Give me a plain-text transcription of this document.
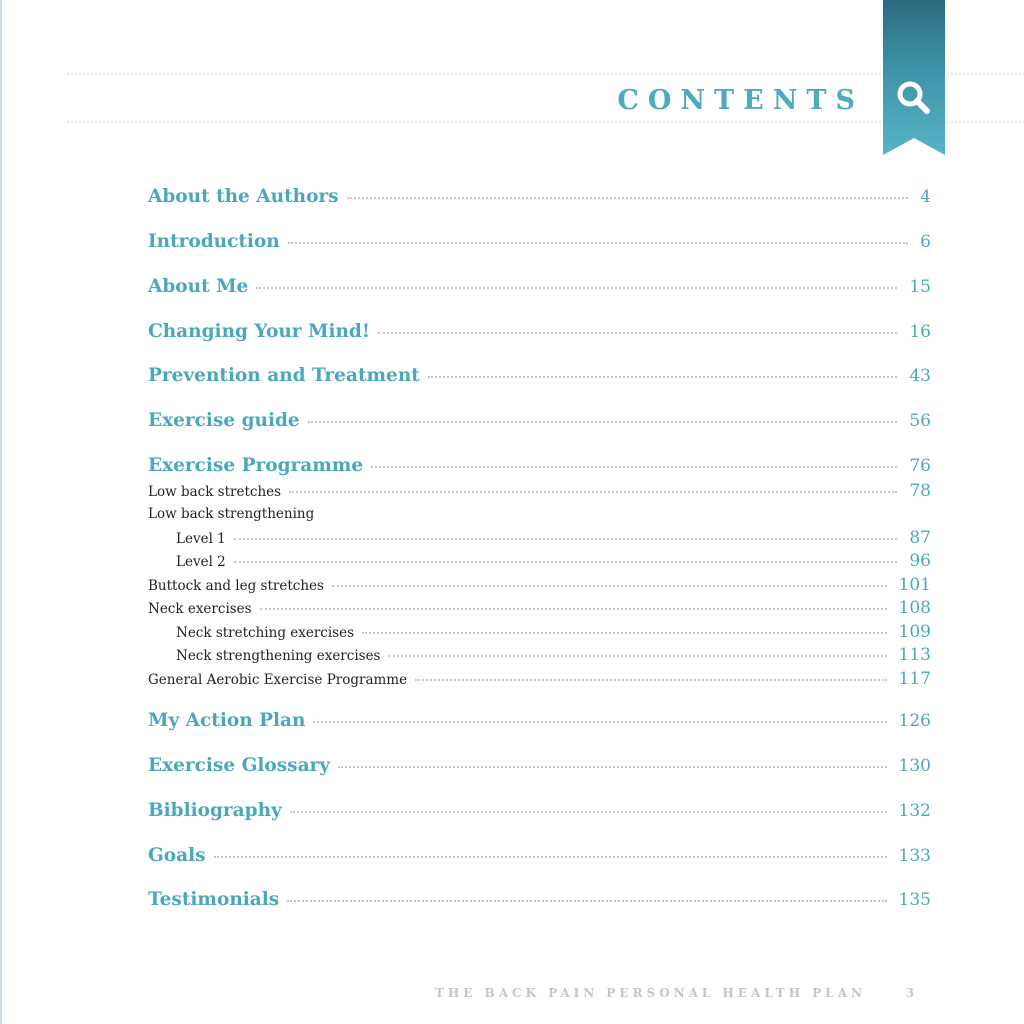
CONTENTS
About the Authors	4
Introduction	6
About Me	15
Changing Your Mind!	16
Prevention and Treatment	43
Exercise guide	56
Exercise Programme	76
Low back stretches	78
Low back strengthening
Level 1	87
Level 2	96
Buttock and leg stretches	101
Neck exercises	108
Neck stretching exercises	109
Neck strengthening exercises	113
General Aerobic Exercise Programme	117
My Action Plan	126
Exercise Glossary	130
Bibliography	132
Goals	133
Testimonials	135
THE BACK PAIN PERSONAL HEALTH PLAN	3
